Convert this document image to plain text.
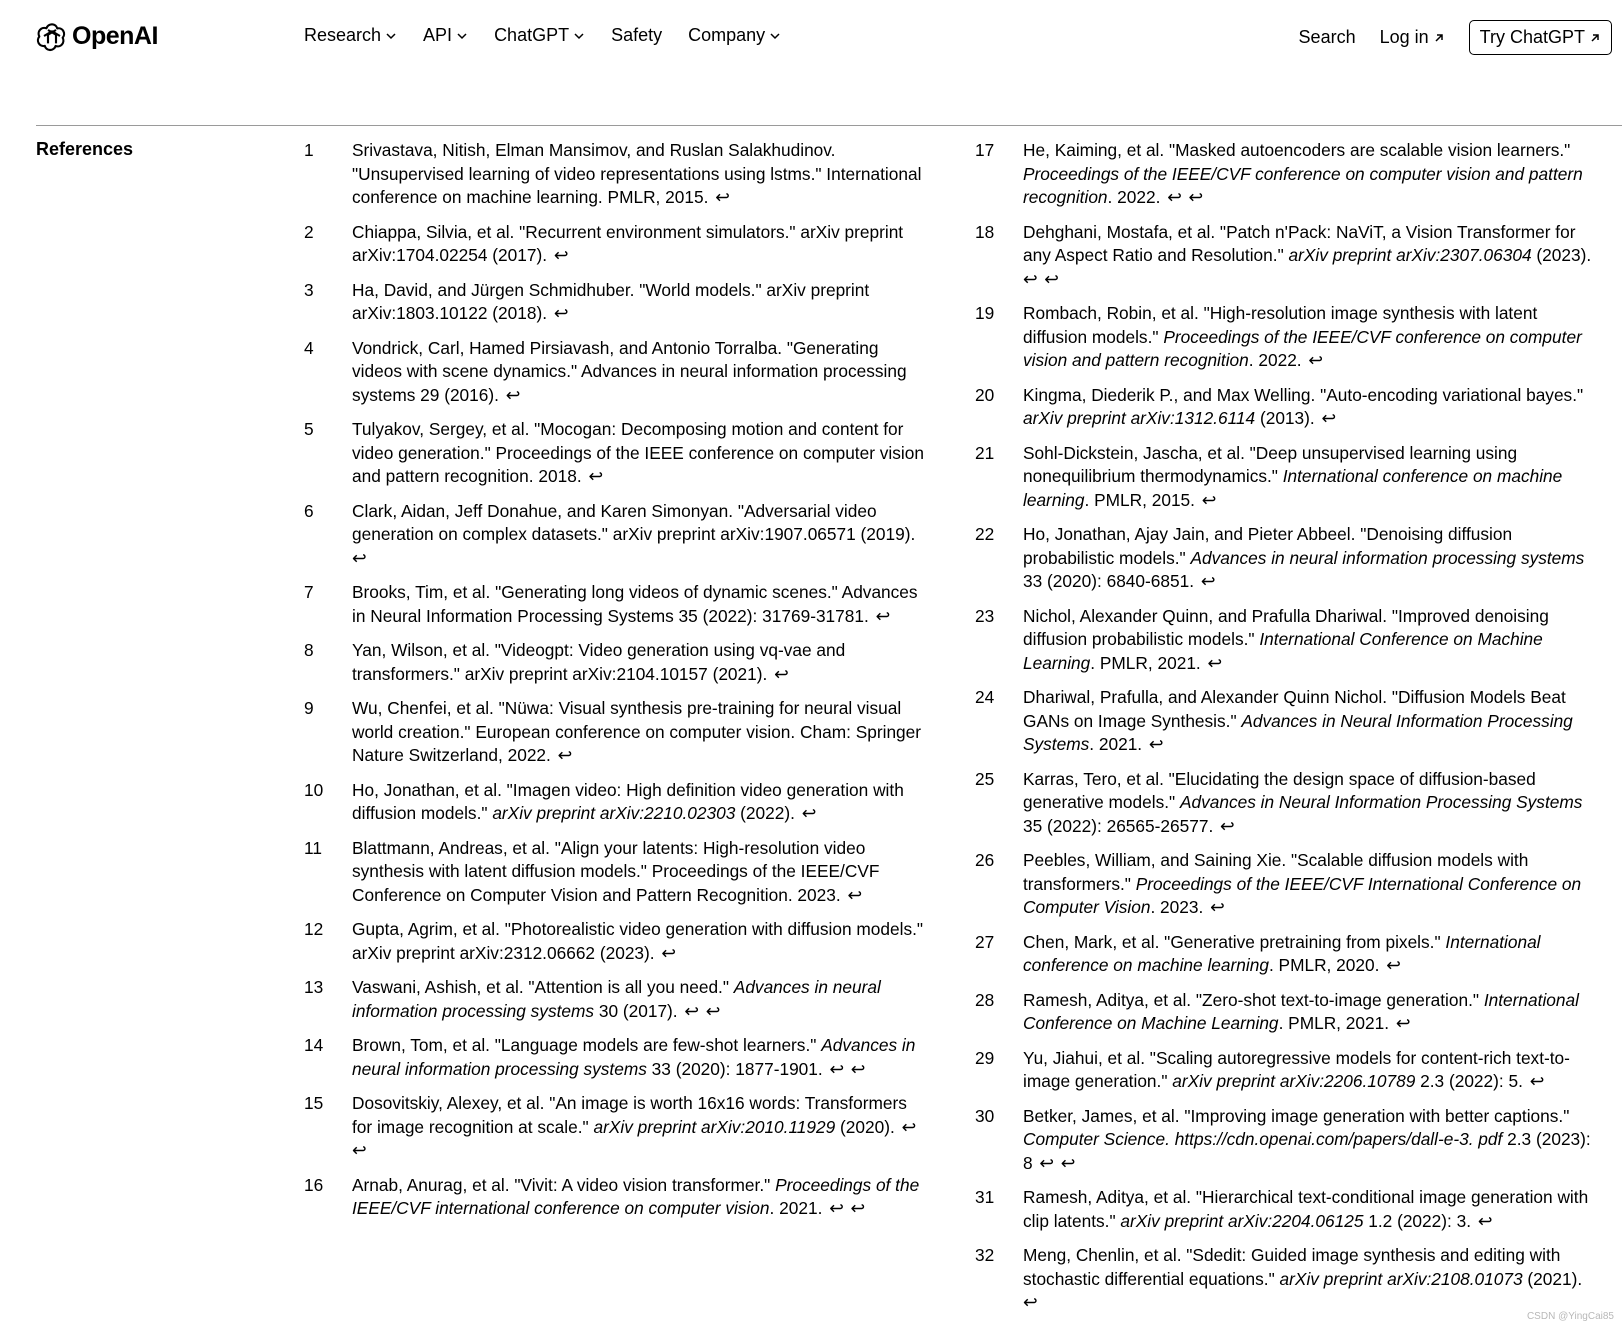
OpenAI	Research API ChatGPT Safety Company	Search Log in	Try ChatGPT
References	1	Srivastava, Nitish, Elman Mansimov, and Ruslan Salakhudinov. "Unsupervised learning of video representations using lstms." International conference on machine learning. PMLR, 2015. ↩
2	Chiappa, Silvia, et al. "Recurrent environment simulators." arXiv preprint arXiv:1704.02254 (2017). ↩
3	Ha, David, and Jürgen Schmidhuber. "World models." arXiv preprint arXiv:1803.10122 (2018). ↩
4	Vondrick, Carl, Hamed Pirsiavash, and Antonio Torralba. "Generating videos with scene dynamics." Advances in neural information processing systems 29 (2016). ↩
5	Tulyakov, Sergey, et al. "Mocogan: Decomposing motion and content for video generation." Proceedings of the IEEE conference on computer vision and pattern recognition. 2018. ↩
6	Clark, Aidan, Jeff Donahue, and Karen Simonyan. "Adversarial video generation on complex datasets." arXiv preprint arXiv:1907.06571 (2019). ↩
7	Brooks, Tim, et al. "Generating long videos of dynamic scenes." Advances in Neural Information Processing Systems 35 (2022): 31769-31781. ↩
8	Yan, Wilson, et al. "Videogpt: Video generation using vq-vae and transformers." arXiv preprint arXiv:2104.10157 (2021). ↩
9	Wu, Chenfei, et al. "Nüwa: Visual synthesis pre-training for neural visual world creation." European conference on computer vision. Cham: Springer Nature Switzerland, 2022. ↩
10	Ho, Jonathan, et al. "Imagen video: High definition video generation with diffusion models." arXiv preprint arXiv:2210.02303 (2022). ↩
11	Blattmann, Andreas, et al. "Align your latents: High-resolution video synthesis with latent diffusion models." Proceedings of the IEEE/CVF Conference on Computer Vision and Pattern Recognition. 2023. ↩
12	Gupta, Agrim, et al. "Photorealistic video generation with diffusion models." arXiv preprint arXiv:2312.06662 (2023). ↩
13	Vaswani, Ashish, et al. "Attention is all you need." Advances in neural information processing systems 30 (2017). ↩ ↩
14	Brown, Tom, et al. "Language models are few-shot learners." Advances in neural information processing systems 33 (2020): 1877-1901. ↩ ↩
15	Dosovitskiy, Alexey, et al. "An image is worth 16x16 words: Transformers for image recognition at scale." arXiv preprint arXiv:2010.11929 (2020). ↩ ↩
16	Arnab, Anurag, et al. "Vivit: A video vision transformer." Proceedings of the IEEE/CVF international conference on computer vision. 2021. ↩ ↩
17	He, Kaiming, et al. "Masked autoencoders are scalable vision learners." Proceedings of the IEEE/CVF conference on computer vision and pattern recognition. 2022. ↩ ↩
18	Dehghani, Mostafa, et al. "Patch n'Pack: NaViT, a Vision Transformer for any Aspect Ratio and Resolution." arXiv preprint arXiv:2307.06304 (2023). ↩ ↩
19	Rombach, Robin, et al. "High-resolution image synthesis with latent diffusion models." Proceedings of the IEEE/CVF conference on computer vision and pattern recognition. 2022. ↩
20	Kingma, Diederik P., and Max Welling. "Auto-encoding variational bayes." arXiv preprint arXiv:1312.6114 (2013). ↩
21	Sohl-Dickstein, Jascha, et al. "Deep unsupervised learning using nonequilibrium thermodynamics." International conference on machine learning. PMLR, 2015. ↩
22	Ho, Jonathan, Ajay Jain, and Pieter Abbeel. "Denoising diffusion probabilistic models." Advances in neural information processing systems 33 (2020): 6840-6851. ↩
23	Nichol, Alexander Quinn, and Prafulla Dhariwal. "Improved denoising diffusion probabilistic models." International Conference on Machine Learning. PMLR, 2021. ↩
24	Dhariwal, Prafulla, and Alexander Quinn Nichol. "Diffusion Models Beat GANs on Image Synthesis." Advances in Neural Information Processing Systems. 2021. ↩
25	Karras, Tero, et al. "Elucidating the design space of diffusion-based generative models." Advances in Neural Information Processing Systems 35 (2022): 26565-26577. ↩
26	Peebles, William, and Saining Xie. "Scalable diffusion models with transformers." Proceedings of the IEEE/CVF International Conference on Computer Vision. 2023. ↩
27	Chen, Mark, et al. "Generative pretraining from pixels." International conference on machine learning. PMLR, 2020. ↩
28	Ramesh, Aditya, et al. "Zero-shot text-to-image generation." International Conference on Machine Learning. PMLR, 2021. ↩
29	Yu, Jiahui, et al. "Scaling autoregressive models for content-rich text-to-image generation." arXiv preprint arXiv:2206.10789 2.3 (2022): 5. ↩
30	Betker, James, et al. "Improving image generation with better captions." Computer Science. https://cdn.openai.com/papers/dall-e-3. pdf 2.3 (2023): 8 ↩ ↩
31	Ramesh, Aditya, et al. "Hierarchical text-conditional image generation with clip latents." arXiv preprint arXiv:2204.06125 1.2 (2022): 3. ↩
32	Meng, Chenlin, et al. "Sdedit: Guided image synthesis and editing with stochastic differential equations." arXiv preprint arXiv:2108.01073 (2021). ↩
CSDN @YingCai85
